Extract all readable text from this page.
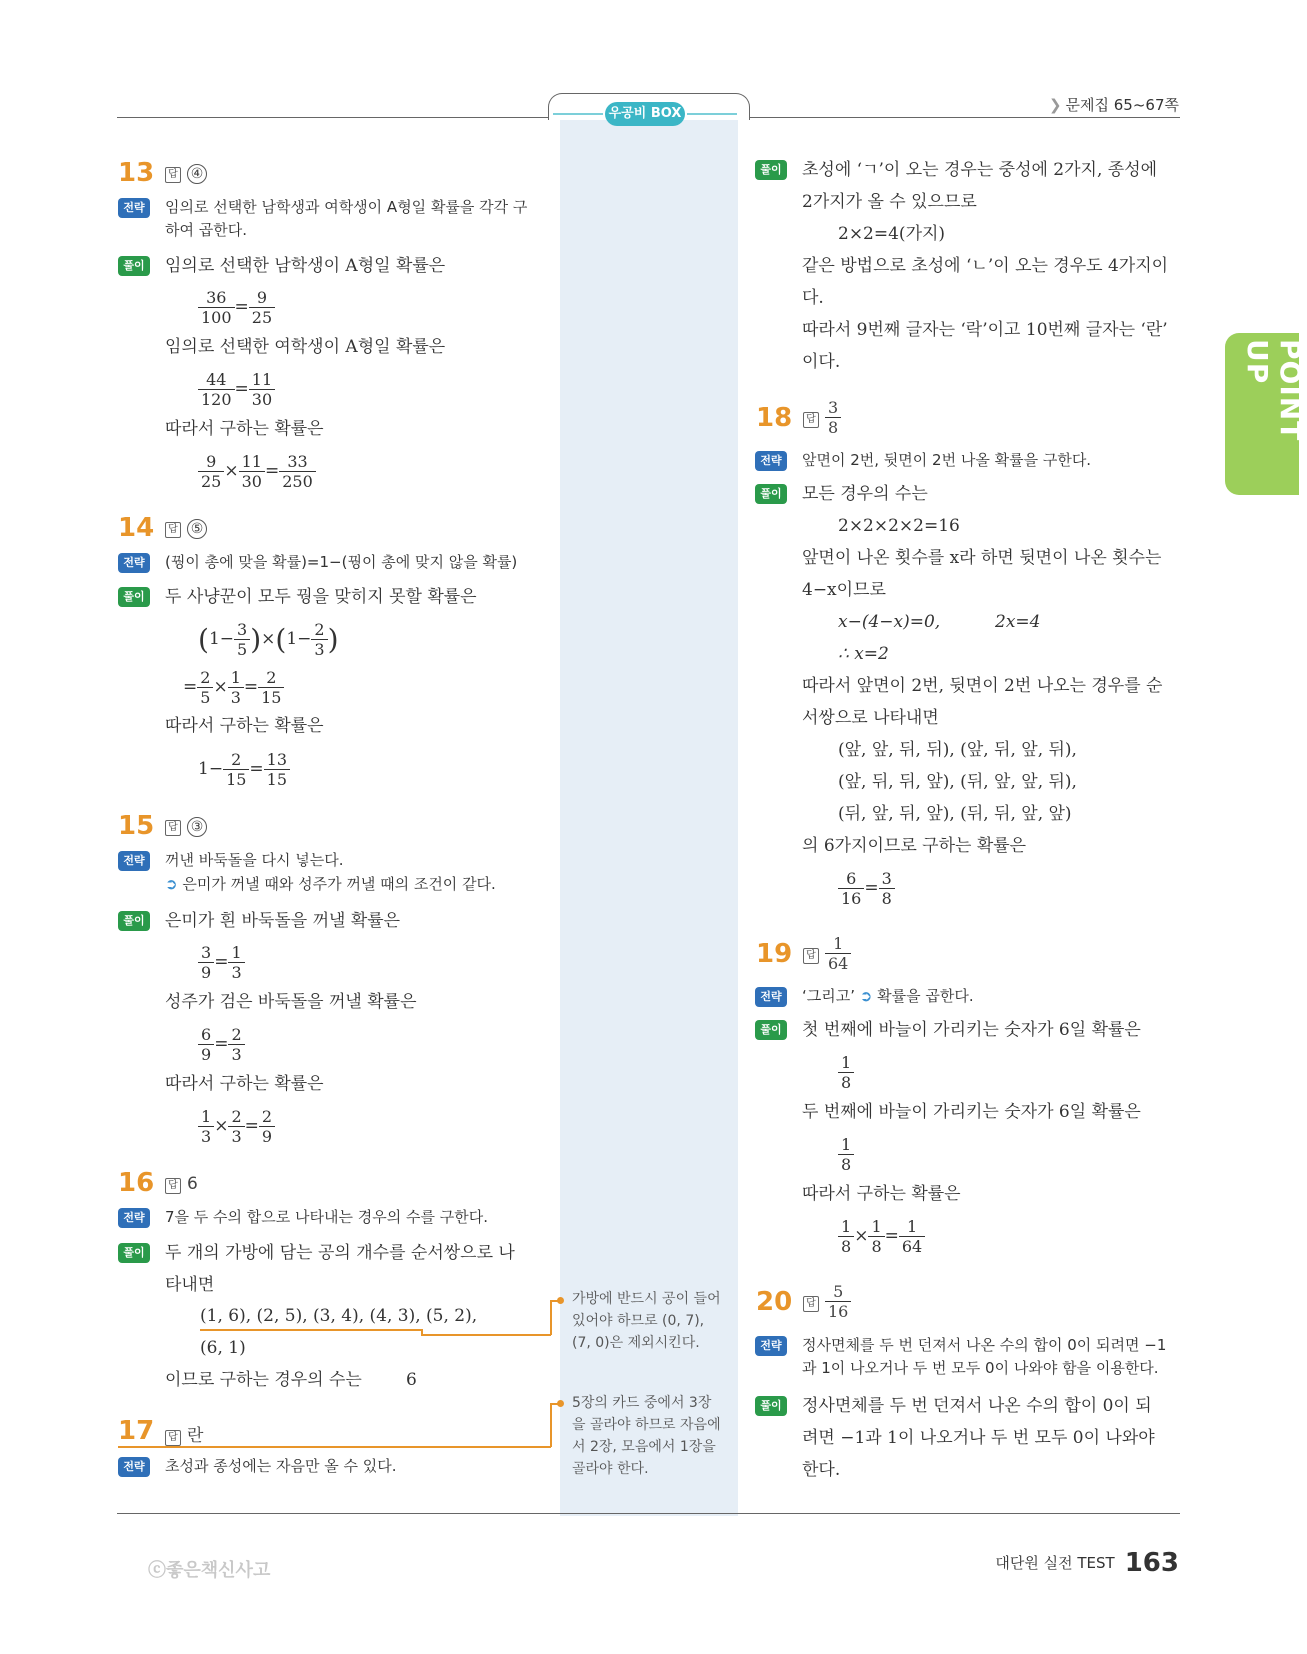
우공비 BOX	❯ 문제집 65~67쪽
POINT UP
13	답 ④
전략	임의로 선택한 남학생과 여학생이 A형일 확률을 각각 구
하여 곱한다.
풀이	임의로 선택한 남학생이 A형일 확률은
$\frac{36}{100} = \frac{9}{25}$
임의로 선택한 여학생이 A형일 확률은
$\frac{44}{120} = \frac{11}{30}$
따라서 구하는 확률은
$\frac{9}{25} \times \frac{11}{30} = \frac{33}{250}$
14	답 ⑤
전략	(꿩이 총에 맞을 확률)=1−(꿩이 총에 맞지 않을 확률)
풀이	두 사냥꾼이 모두 꿩을 맞히지 못할 확률은
$(1- \frac{3}{5} )\times(1- \frac{2}{3}$ )
= $\frac{2}{5} \times \frac{1}{3} = \frac{2}{15}$
따라서 구하는 확률은
$1- \frac{2}{15} = \frac{13}{15}$
15	답 ③
전략	꺼낸 바둑돌을 다시 넣는다.
➲ 은미가 꺼낼 때와 성주가 꺼낼 때의 조건이 같다.
풀이	은미가 흰 바둑돌을 꺼낼 확률은
$\frac{3}{9} = \frac{1}{3}$
성주가 검은 바둑돌을 꺼낼 확률은
$\frac{6}{9} = \frac{2}{3}$
따라서 구하는 확률은
$\frac{1}{3} \times \frac{2}{3} = \frac{2}{9}$
16	답 6
전략	7을 두 수의 합으로 나타내는 경우의 수를 구한다.
풀이	두 개의 가방에 담는 공의 개수를 순서쌍으로 나
타내면
(1, 6), (2, 5), (3, 4), (4, 3), (5, 2),
(6, 1)
이므로 구하는 경우의 수는	6
가방에 반드시 공이 들어
있어야 하므로 (0, 7),
(7, 0)은 제외시킨다.
17	답 란
5장의 카드 중에서 3장
을 골라야 하므로 자음에
서 2장, 모음에서 1장을
골라야 한다.
전략	초성과 종성에는 자음만 올 수 있다.
풀이	초성에 ‘ㄱ’이 오는 경우는 중성에 2가지, 종성에
2가지가 올 수 있으므로
2×2=4(가지)
같은 방법으로 초성에 ‘ㄴ’이 오는 경우도 4가지이
다.
따라서 9번째 글자는 ‘락’이고 10번째 글자는 ‘란’
이다.
18	답 $\frac{3}{8}$
전략	앞면이 2번, 뒷면이 2번 나올 확률을 구한다.
풀이	모든 경우의 수는
2×2×2×2=16
앞면이 나온 횟수를 x라 하면 뒷면이 나온 횟수는
4−x이므로
x−(4−x)=0,	2x=4
∴ x=2
따라서 앞면이 2번, 뒷면이 2번 나오는 경우를 순
서쌍으로 나타내면
(앞, 앞, 뒤, 뒤), (앞, 뒤, 앞, 뒤),
(앞, 뒤, 뒤, 앞), (뒤, 앞, 앞, 뒤),
(뒤, 앞, 뒤, 앞), (뒤, 뒤, 앞, 앞)
의 6가지이므로 구하는 확률은
$\frac{6}{16} = \frac{3}{8}$
19	답 $\frac{1}{64}$
전략	‘그리고’ ➲ 확률을 곱한다.
풀이	첫 번째에 바늘이 가리키는 숫자가 6일 확률은
$\frac{1}{8}$
두 번째에 바늘이 가리키는 숫자가 6일 확률은
$\frac{1}{8}$
따라서 구하는 확률은
$\frac{1}{8} \times \frac{1}{8} = \frac{1}{64}$
20	답 $\frac{5}{16}$
전략	정사면체를 두 번 던져서 나온 수의 합이 0이 되려면 −1
과 1이 나오거나 두 번 모두 0이 나와야 함을 이용한다.
풀이	정사면체를 두 번 던져서 나온 수의 합이 0이 되
려면 −1과 1이 나오거나 두 번 모두 0이 나와야
한다.
ⓒ좋은책신사고	대단원 실전 TEST 163
